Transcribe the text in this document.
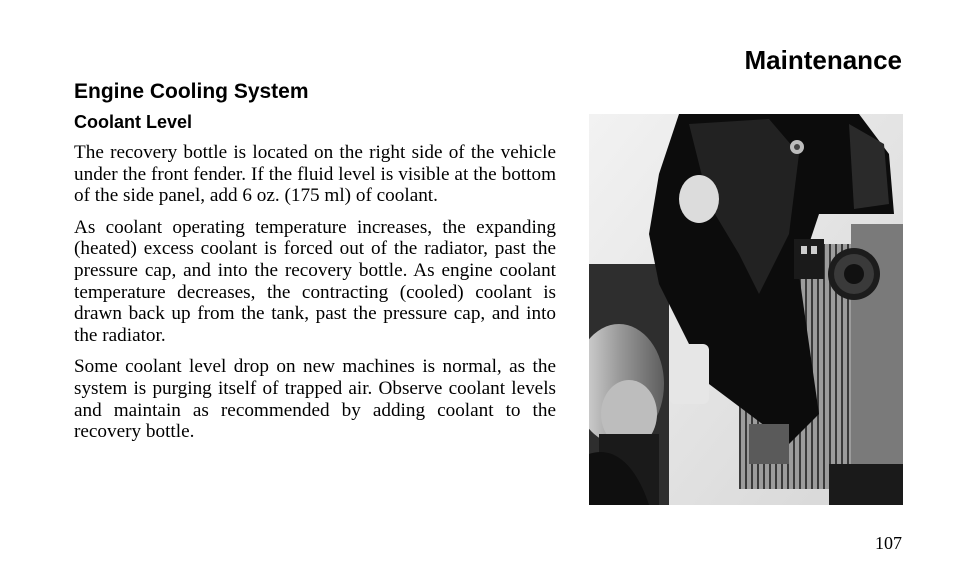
Maintenance
Engine Cooling System
Coolant Level

The recovery bottle is located on the right side of the vehicle under the front fender. If the fluid level is visible at the bottom of the side panel, add 6 oz. (175 ml) of coolant.

As coolant operating temperature increases, the expanding (heated) excess coolant is forced out of the radiator, past the pressure cap, and into the recovery bottle. As engine coolant temperature decreases, the contracting (cooled) coolant is drawn back up from the tank, past the pressure cap, and into the radiator.

Some coolant level drop on new machines is normal, as the system is purging itself of trapped air. Observe coolant levels and maintain as recommended by adding coolant to the recovery bottle.

107
